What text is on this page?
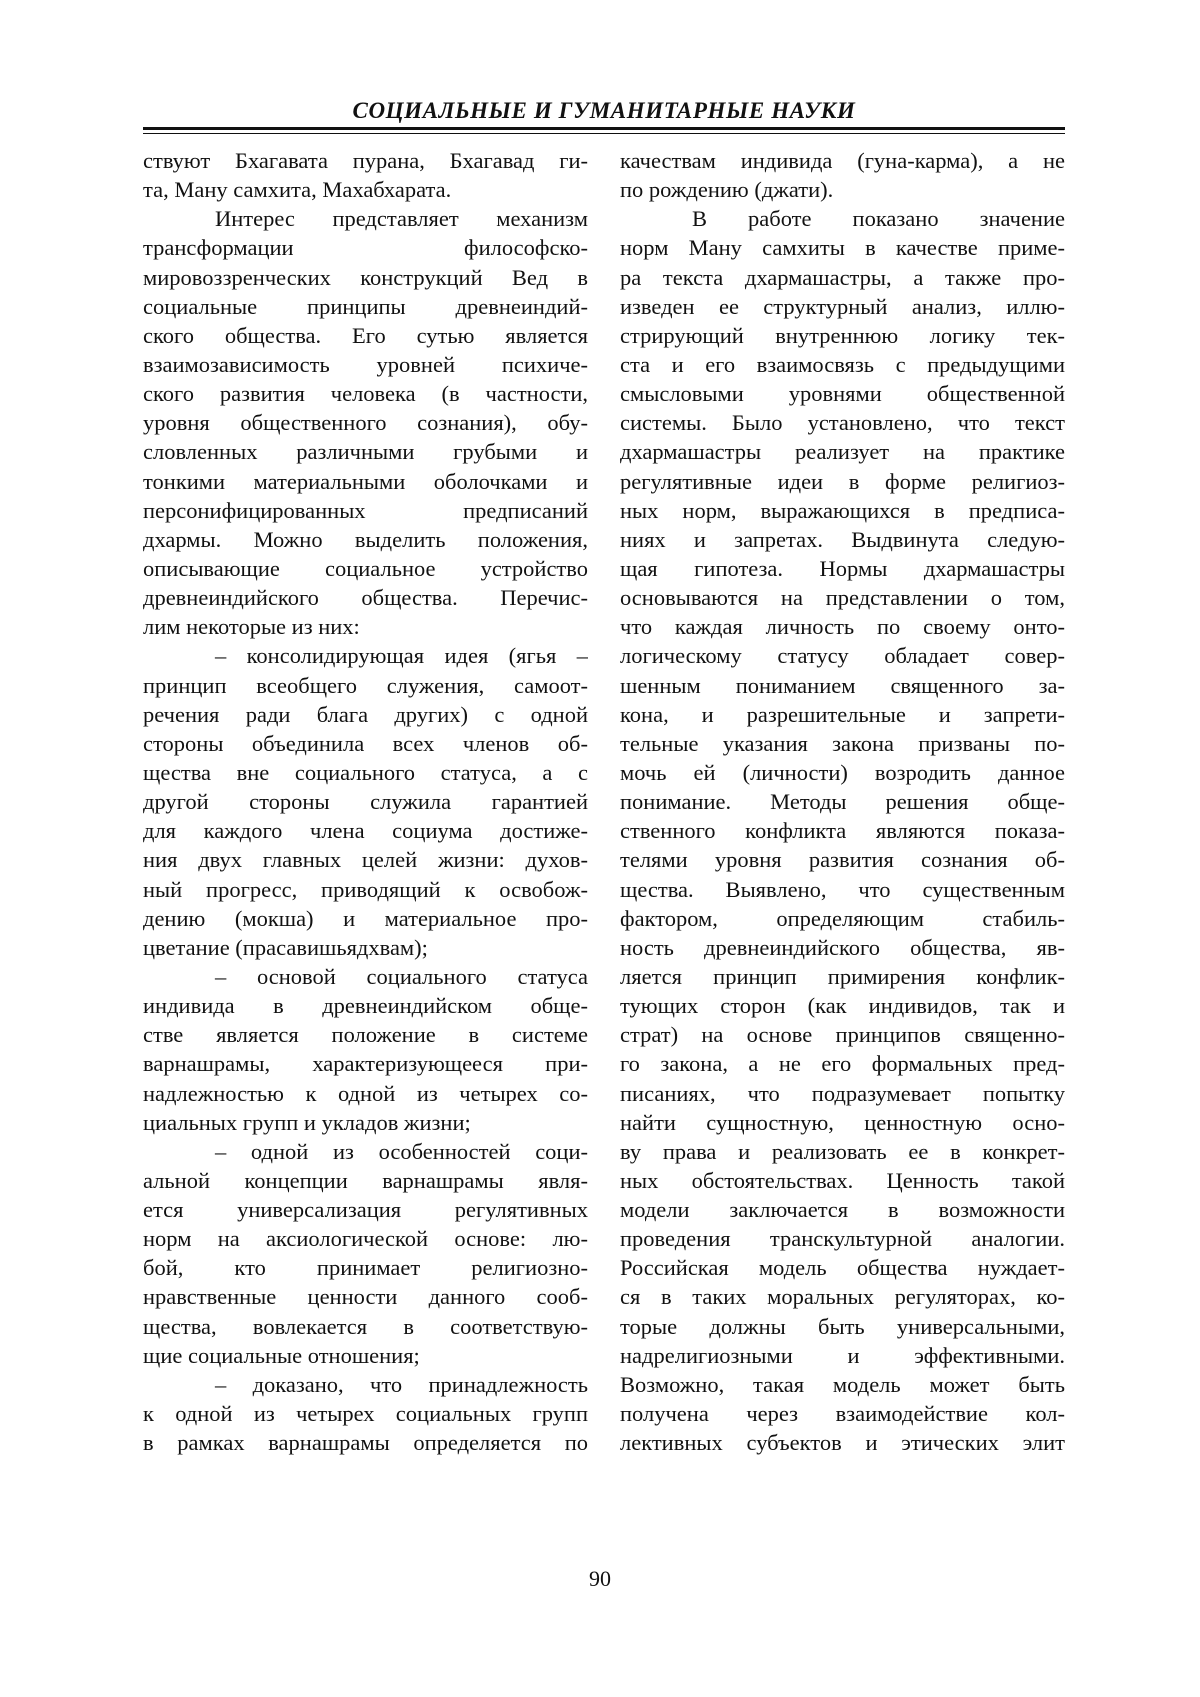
СОЦИАЛЬНЫЕ И ГУМАНИТАРНЫЕ НАУКИ
ствуют Бхагавата пурана, Бхагавад ги-
та, Ману самхита, Махабхарата.
Интерес представляет механизм
трансформации философско-
мировоззренческих конструкций Вед в
социальные принципы древнеиндий-
ского общества. Его сутью является
взаимозависимость уровней психиче-
ского развития человека (в частности,
уровня общественного сознания), обу-
словленных различными грубыми и
тонкими материальными оболочками и
персонифицированных предписаний
дхармы. Можно выделить положения,
описывающие социальное устройство
древнеиндийского общества. Перечис-
лим некоторые из них:
– консолидирующая идея (ягья –
принцип всеобщего служения, самоот-
речения ради блага других) с одной
стороны объединила всех членов об-
щества вне социального статуса, а с
другой стороны служила гарантией
для каждого члена социума достиже-
ния двух главных целей жизни: духов-
ный прогресс, приводящий к освобож-
дению (мокша) и материальное про-
цветание (прасавишьядхвам);
– основой социального статуса
индивида в древнеиндийском обще-
стве является положение в системе
варнашрамы, характеризующееся при-
надлежностью к одной из четырех со-
циальных групп и укладов жизни;
– одной из особенностей соци-
альной концепции варнашрамы явля-
ется универсализация регулятивных
норм на аксиологической основе: лю-
бой, кто принимает религиозно-
нравственные ценности данного сооб-
щества, вовлекается в соответствую-
щие социальные отношения;
– доказано, что принадлежность
к одной из четырех социальных групп
в рамках варнашрамы определяется по
качествам индивида (гуна-карма), а не
по рождению (джати).
В работе показано значение
норм Ману самхиты в качестве приме-
ра текста дхармашастры, а также про-
изведен ее структурный анализ, иллю-
стрирующий внутреннюю логику тек-
ста и его взаимосвязь с предыдущими
смысловыми уровнями общественной
системы. Было установлено, что текст
дхармашастры реализует на практике
регулятивные идеи в форме религиоз-
ных норм, выражающихся в предписа-
ниях и запретах. Выдвинута следую-
щая гипотеза. Нормы дхармашастры
основываются на представлении о том,
что каждая личность по своему онто-
логическому статусу обладает совер-
шенным пониманием священного за-
кона, и разрешительные и запрети-
тельные указания закона призваны по-
мочь ей (личности) возродить данное
понимание. Методы решения обще-
ственного конфликта являются показа-
телями уровня развития сознания об-
щества. Выявлено, что существенным
фактором, определяющим стабиль-
ность древнеиндийского общества, яв-
ляется принцип примирения конфлик-
тующих сторон (как индивидов, так и
страт) на основе принципов священно-
го закона, а не его формальных пред-
писаниях, что подразумевает попытку
найти сущностную, ценностную осно-
ву права и реализовать ее в конкрет-
ных обстоятельствах. Ценность такой
модели заключается в возможности
проведения транскультурной аналогии.
Российская модель общества нуждает-
ся в таких моральных регуляторах, ко-
торые должны быть универсальными,
надрелигиозными и эффективными.
Возможно, такая модель может быть
получена через взаимодействие кол-
лективных субъектов и этических элит
90
